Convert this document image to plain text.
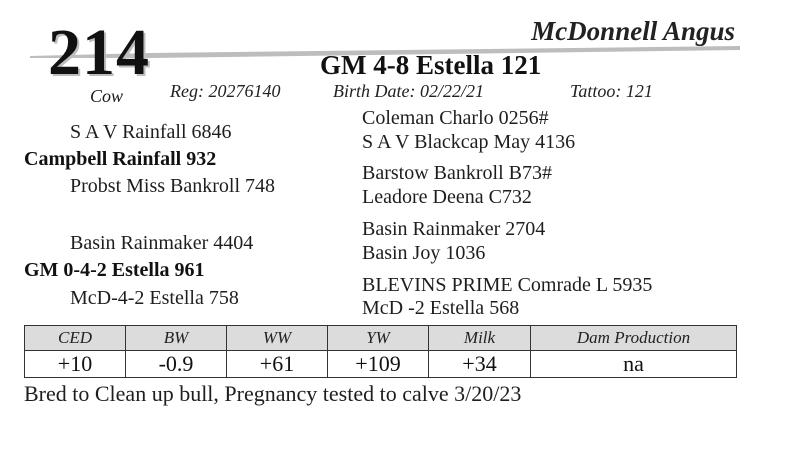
214	McDonnell Angus
GM 4-8 Estella 121
Cow	Reg: 20276140	Birth Date: 02/22/21	Tattoo: 121
S A V Rainfall 6846
Campbell Rainfall 932
Probst Miss Bankroll 748
Basin Rainmaker 4404
GM 0-4-2 Estella 961
McD-4-2 Estella 758
Coleman Charlo 0256#
S A V Blackcap May 4136
Barstow Bankroll B73#
Leadore Deena C732
Basin Rainmaker 2704
Basin Joy 1036
BLEVINS PRIME Comrade L 5935
McD -2 Estella 568
CED	BW	WW	YW	Milk	Dam Production
+10	-0.9	+61	+109	+34	na
Bred to Clean up bull, Pregnancy tested to calve 3/20/23
